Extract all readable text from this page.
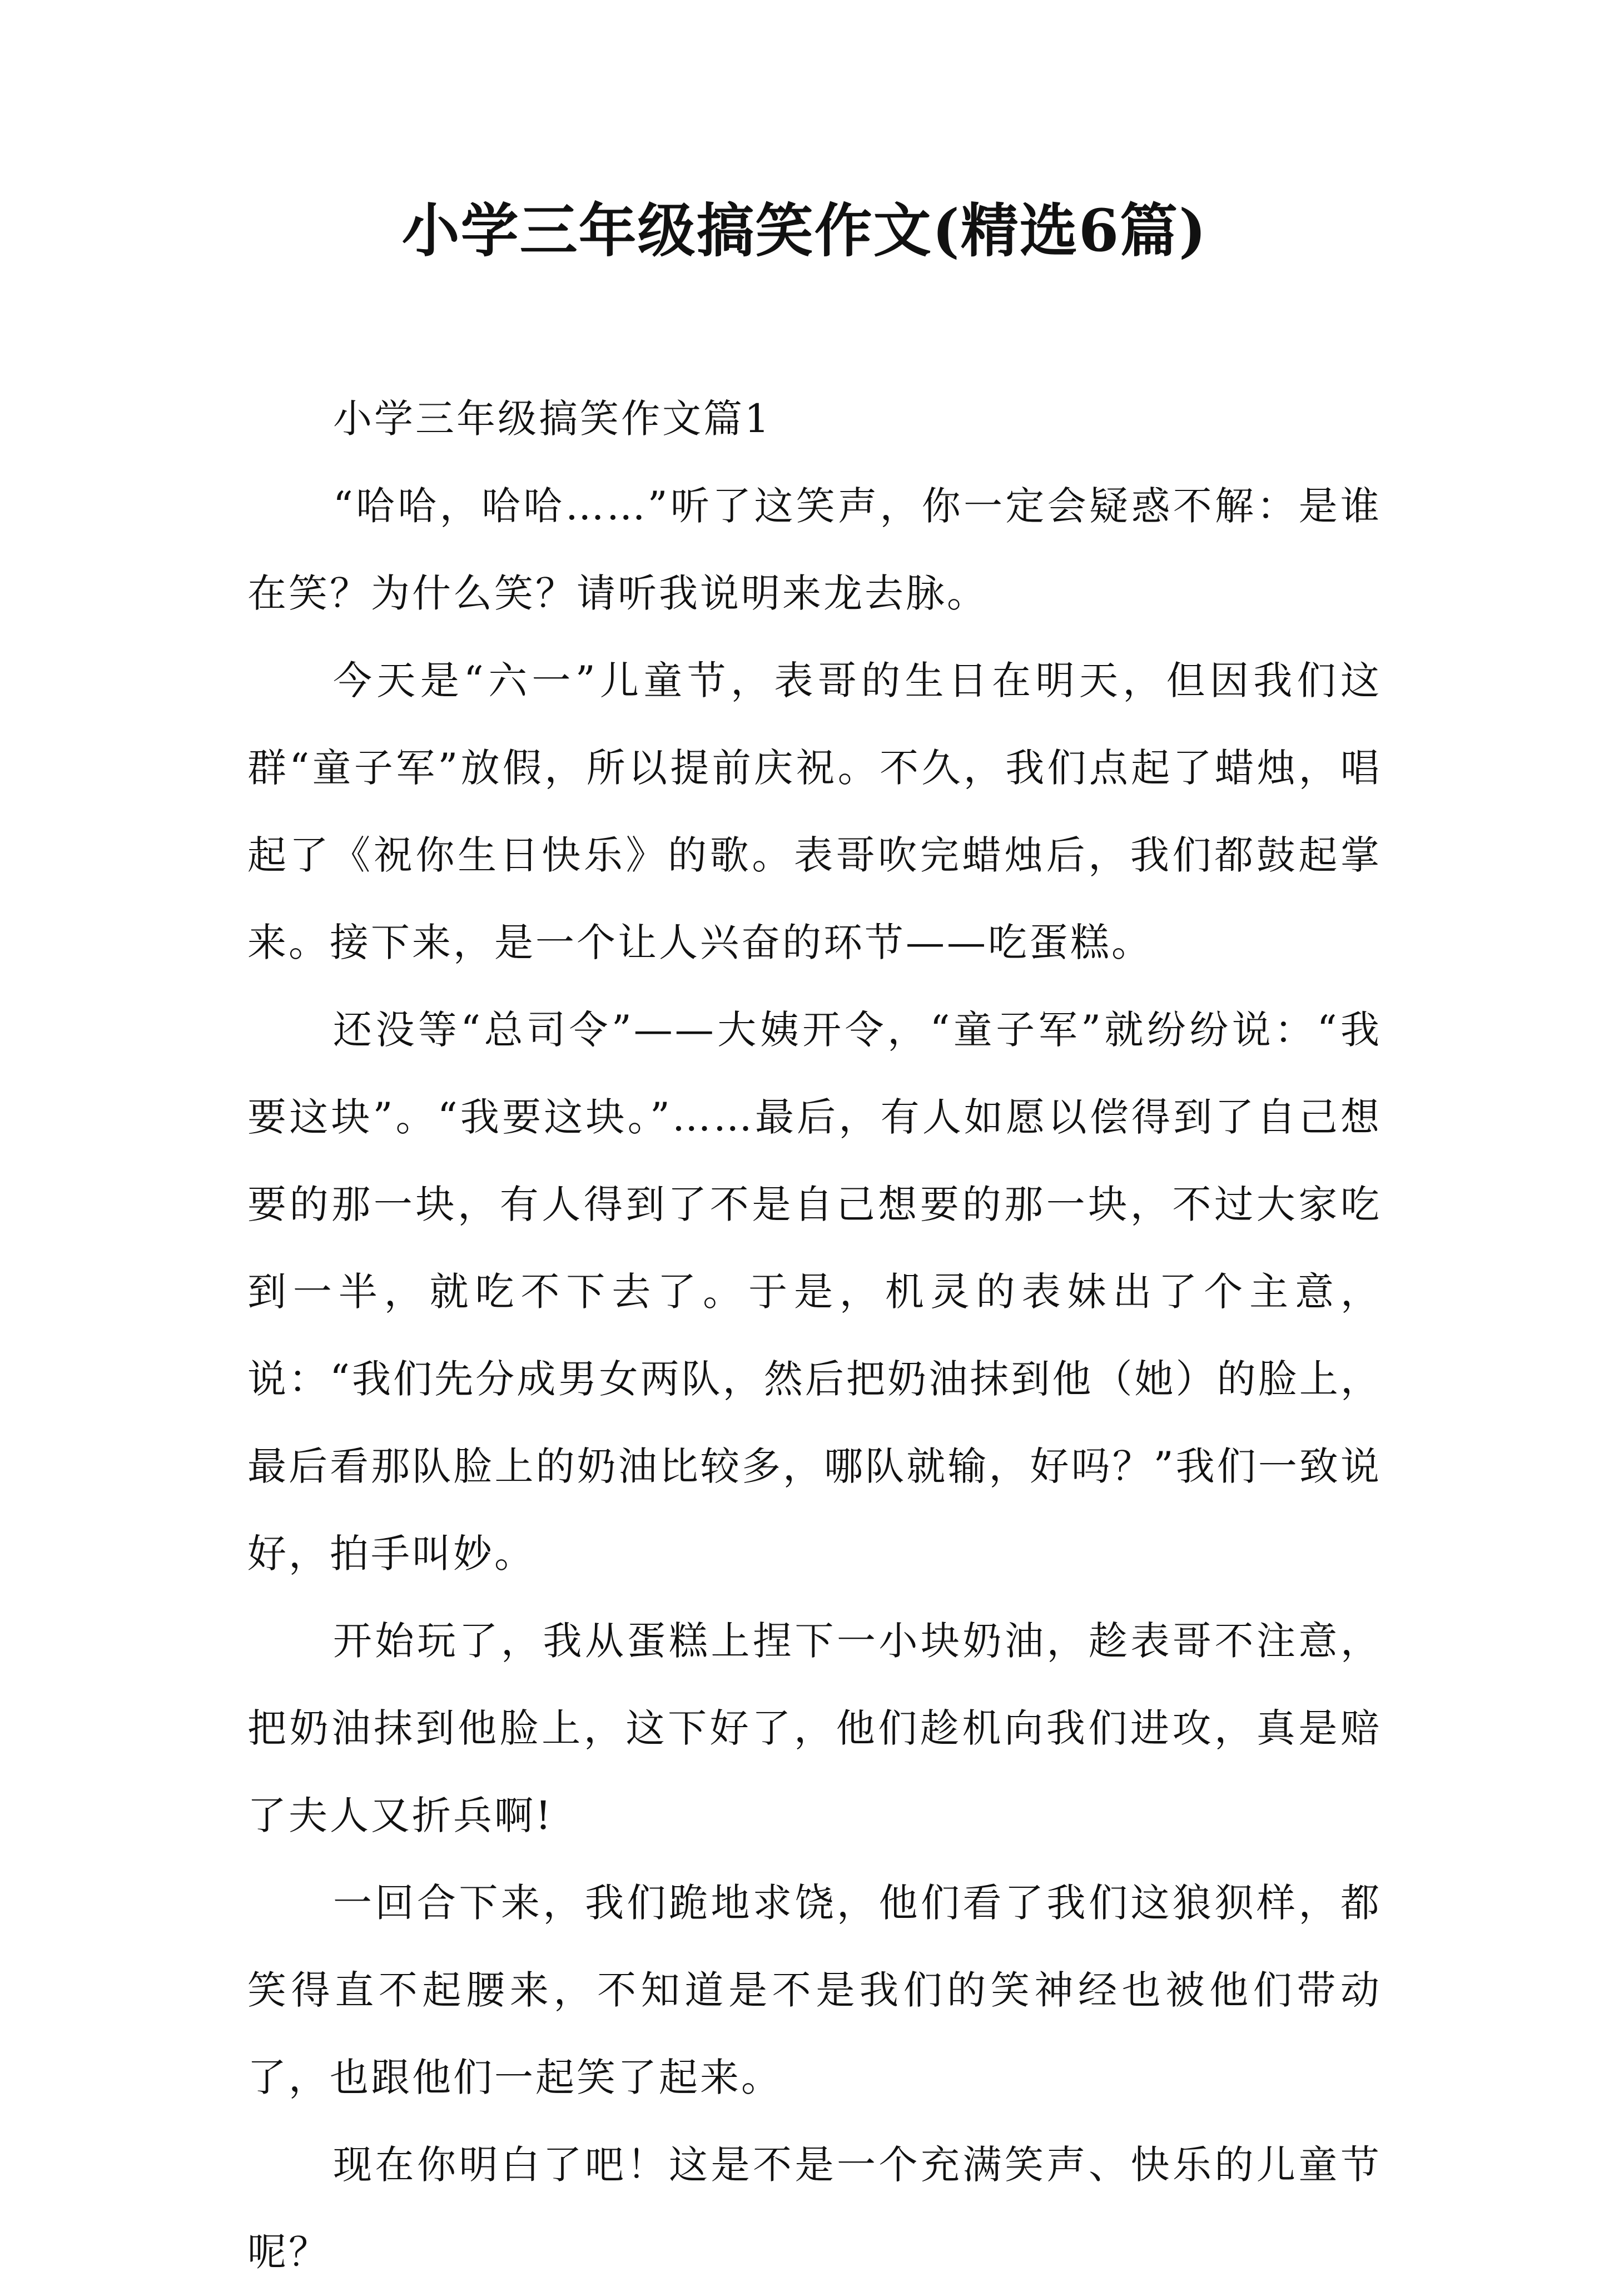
小学三年级搞笑作文(精选6篇)

小学三年级搞笑作文篇1

“哈哈，哈哈……”听了这笑声，你一定会疑惑不解：是谁在笑？为什么笑？请听我说明来龙去脉。

今天是“六一”儿童节，表哥的生日在明天，但因我们这群“童子军”放假，所以提前庆祝。不久，我们点起了蜡烛，唱起了《祝你生日快乐》的歌。表哥吹完蜡烛后，我们都鼓起掌来。接下来，是一个让人兴奋的环节——吃蛋糕。

还没等“总司令”——大姨开令，“童子军”就纷纷说：“我要这块”。“我要这块。”……最后，有人如愿以偿得到了自己想要的那一块，有人得到了不是自己想要的那一块，不过大家吃到一半，就吃不下去了。于是，机灵的表妹出了个主意，说：“我们先分成男女两队，然后把奶油抹到他（她）的脸上，最后看那队脸上的奶油比较多，哪队就输，好吗？”我们一致说好，拍手叫妙。

开始玩了，我从蛋糕上捏下一小块奶油，趁表哥不注意，把奶油抹到他脸上，这下好了，他们趁机向我们进攻，真是赔了夫人又折兵啊!

一回合下来，我们跪地求饶，他们看了我们这狼狈样，都笑得直不起腰来，不知道是不是我们的笑神经也被他们带动了，也跟他们一起笑了起来。

现在你明白了吧！这是不是一个充满笑声、快乐的儿童节呢？
